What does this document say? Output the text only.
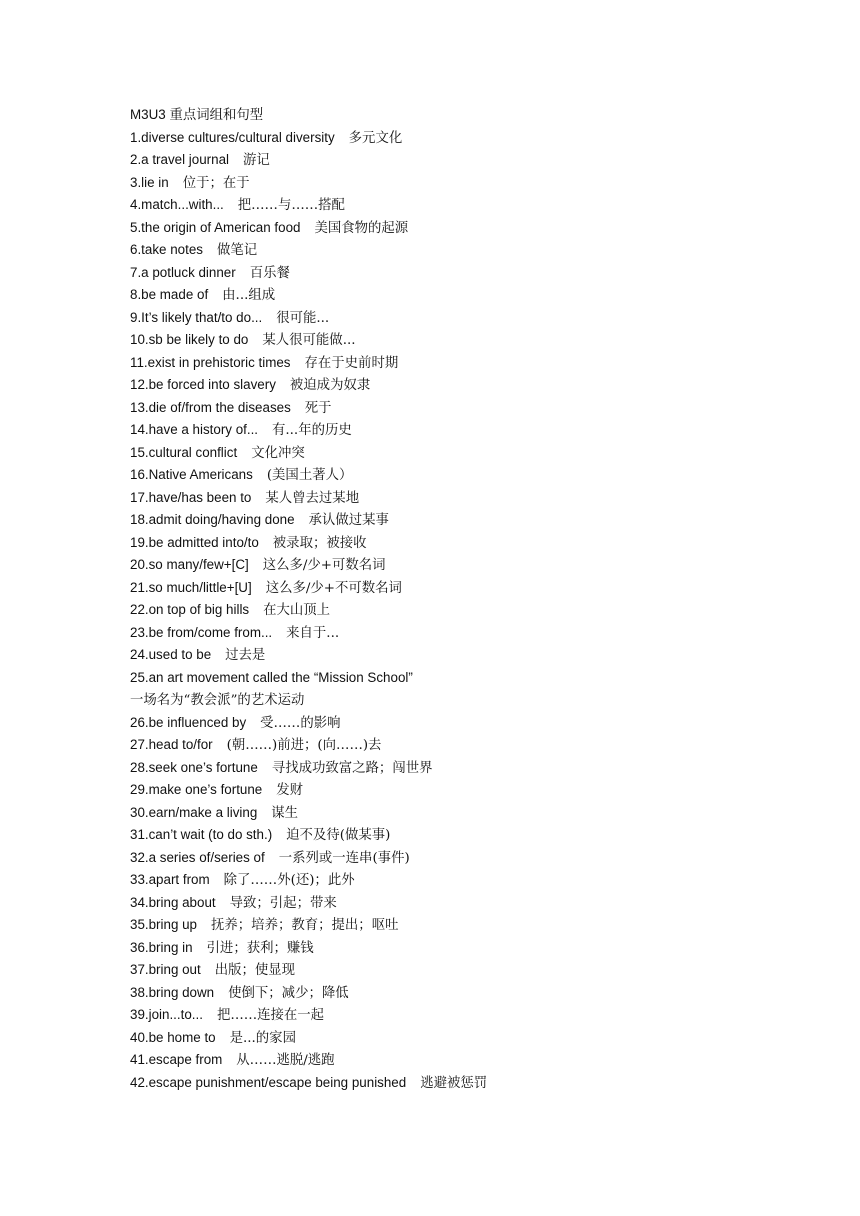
M3U3 重点词组和句型
1.diverse cultures/cultural diversity 多元文化
2.a travel journal 游记
3.lie in 位于；在于
4.match...with... 把……与……搭配
5.the origin of American food 美国食物的起源
6.take notes 做笔记
7.a potluck dinner 百乐餐
8.be made of 由...组成
9.It’s likely that/to do... 很可能...
10.sb be likely to do 某人很可能做...
11.exist in prehistoric times 存在于史前时期
12.be forced into slavery 被迫成为奴隶
13.die of/from the diseases 死于
14.have a history of... 有...年的历史
15.cultural conflict 文化冲突
16.Native Americans (美国土著人）
17.have/has been to 某人曾去过某地
18.admit doing/having done 承认做过某事
19.be admitted into/to 被录取；被接收
20.so many/few+[C] 这么多/少+可数名词
21.so much/little+[U] 这么多/少+不可数名词
22.on top of big hills 在大山顶上
23.be from/come from... 来自于...
24.used to be 过去是
25.an art movement called the “Mission School”
一场名为“教会派”的艺术运动
26.be influenced by 受……的影响
27.head to/for (朝……)前进；(向……)去
28.seek one’s fortune 寻找成功致富之路；闯世界
29.make one’s fortune 发财
30.earn/make a living 谋生
31.can’t wait (to do sth.) 迫不及待(做某事)
32.a series of/series of 一系列或一连串(事件)
33.apart from 除了……外(还)；此外
34.bring about 导致；引起；带来
35.bring up 抚养；培养；教育；提出；呕吐
36.bring in 引进；获利；赚钱
37.bring out 出版；使显现
38.bring down 使倒下；减少；降低
39.join...to... 把……连接在一起
40.be home to 是...的家园
41.escape from 从……逃脱/逃跑
42.escape punishment/escape being punished 逃避被惩罚
